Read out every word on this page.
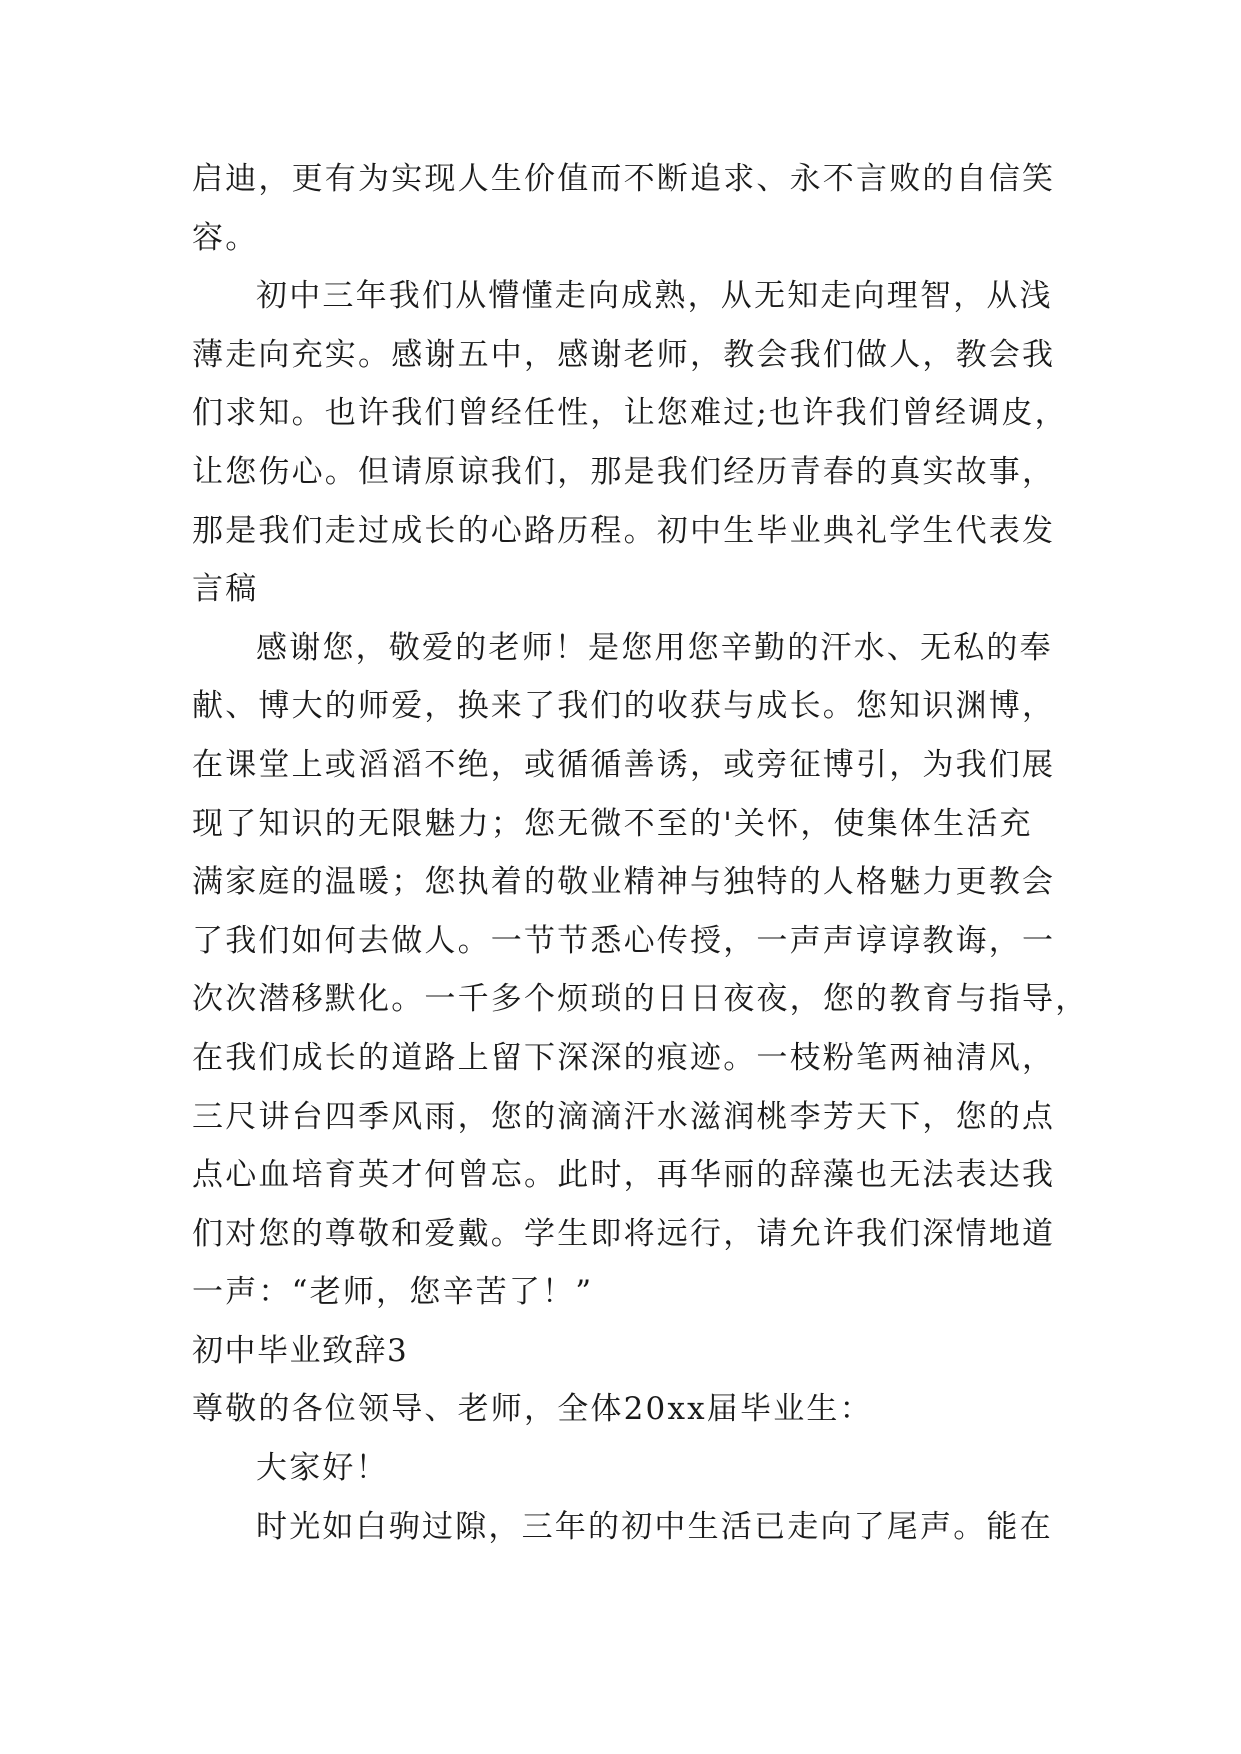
启迪，更有为实现人生价值而不断追求、永不言败的自信笑
容。
初中三年我们从懵懂走向成熟，从无知走向理智，从浅
薄走向充实。感谢五中，感谢老师，教会我们做人，教会我
们求知。也许我们曾经任性，让您难过;也许我们曾经调皮，
让您伤心。但请原谅我们，那是我们经历青春的真实故事，
那是我们走过成长的心路历程。初中生毕业典礼学生代表发
言稿
感谢您，敬爱的老师！是您用您辛勤的汗水、无私的奉
献、博大的师爱，换来了我们的收获与成长。您知识渊博，
在课堂上或滔滔不绝，或循循善诱，或旁征博引，为我们展
现了知识的无限魅力；您无微不至的'关怀，使集体生活充
满家庭的温暖；您执着的敬业精神与独特的人格魅力更教会
了我们如何去做人。一节节悉心传授，一声声谆谆教诲，一
次次潜移默化。一千多个烦琐的日日夜夜，您的教育与指导，
在我们成长的道路上留下深深的痕迹。一枝粉笔两袖清风，
三尺讲台四季风雨，您的滴滴汗水滋润桃李芳天下，您的点
点心血培育英才何曾忘。此时，再华丽的辞藻也无法表达我
们对您的尊敬和爱戴。学生即将远行，请允许我们深情地道
一声：“老师，您辛苦了！”
初中毕业致辞3
尊敬的各位领导、老师，全体20xx届毕业生：
大家好！
时光如白驹过隙，三年的初中生活已走向了尾声。能在
